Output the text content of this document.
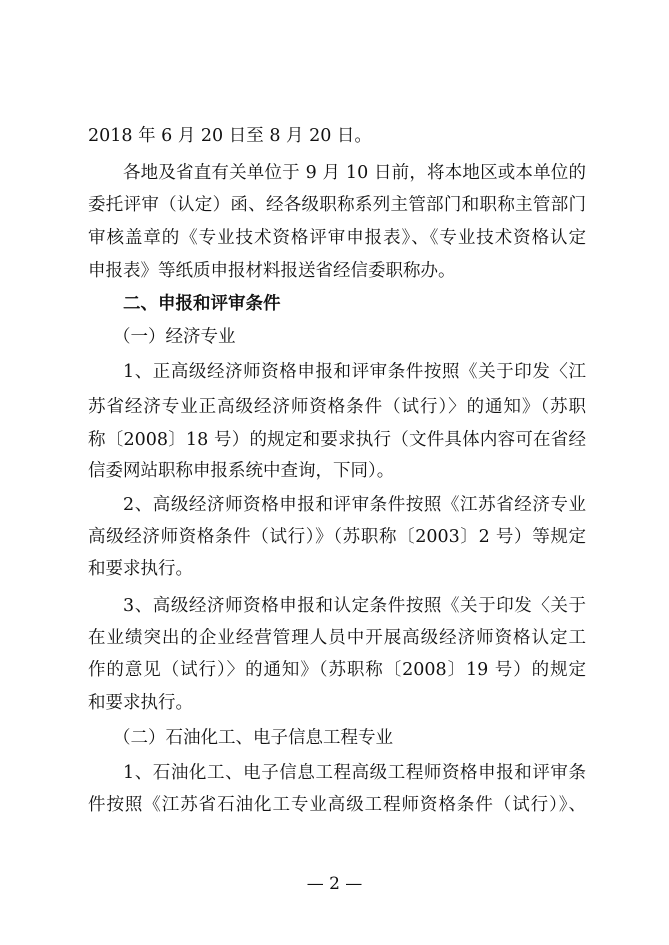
2018 年 6 月 20 日至 8 月 20 日。
各地及省直有关单位于 9 月 10 日前，将本地区或本单位的
委托评审（认定）函、经各级职称系列主管部门和职称主管部门
审核盖章的《专业技术资格评审申报表》、《专业技术资格认定
申报表》等纸质申报材料报送省经信委职称办。
二、申报和评审条件
（一）经济专业
1、正高级经济师资格申报和评审条件按照《关于印发〈江
苏省经济专业正高级经济师资格条件（试行）〉的通知》（苏职
称〔2008〕18 号）的规定和要求执行（文件具体内容可在省经
信委网站职称申报系统中查询，下同）。
2、高级经济师资格申报和评审条件按照《江苏省经济专业
高级经济师资格条件（试行）》（苏职称〔2003〕2 号）等规定
和要求执行。
3、高级经济师资格申报和认定条件按照《关于印发〈关于
在业绩突出的企业经营管理人员中开展高级经济师资格认定工
作的意见（试行）〉的通知》（苏职称〔2008〕19 号）的规定
和要求执行。
（二）石油化工、电子信息工程专业
1、石油化工、电子信息工程高级工程师资格申报和评审条
件按照《江苏省石油化工专业高级工程师资格条件（试行）》、
— 2 —
